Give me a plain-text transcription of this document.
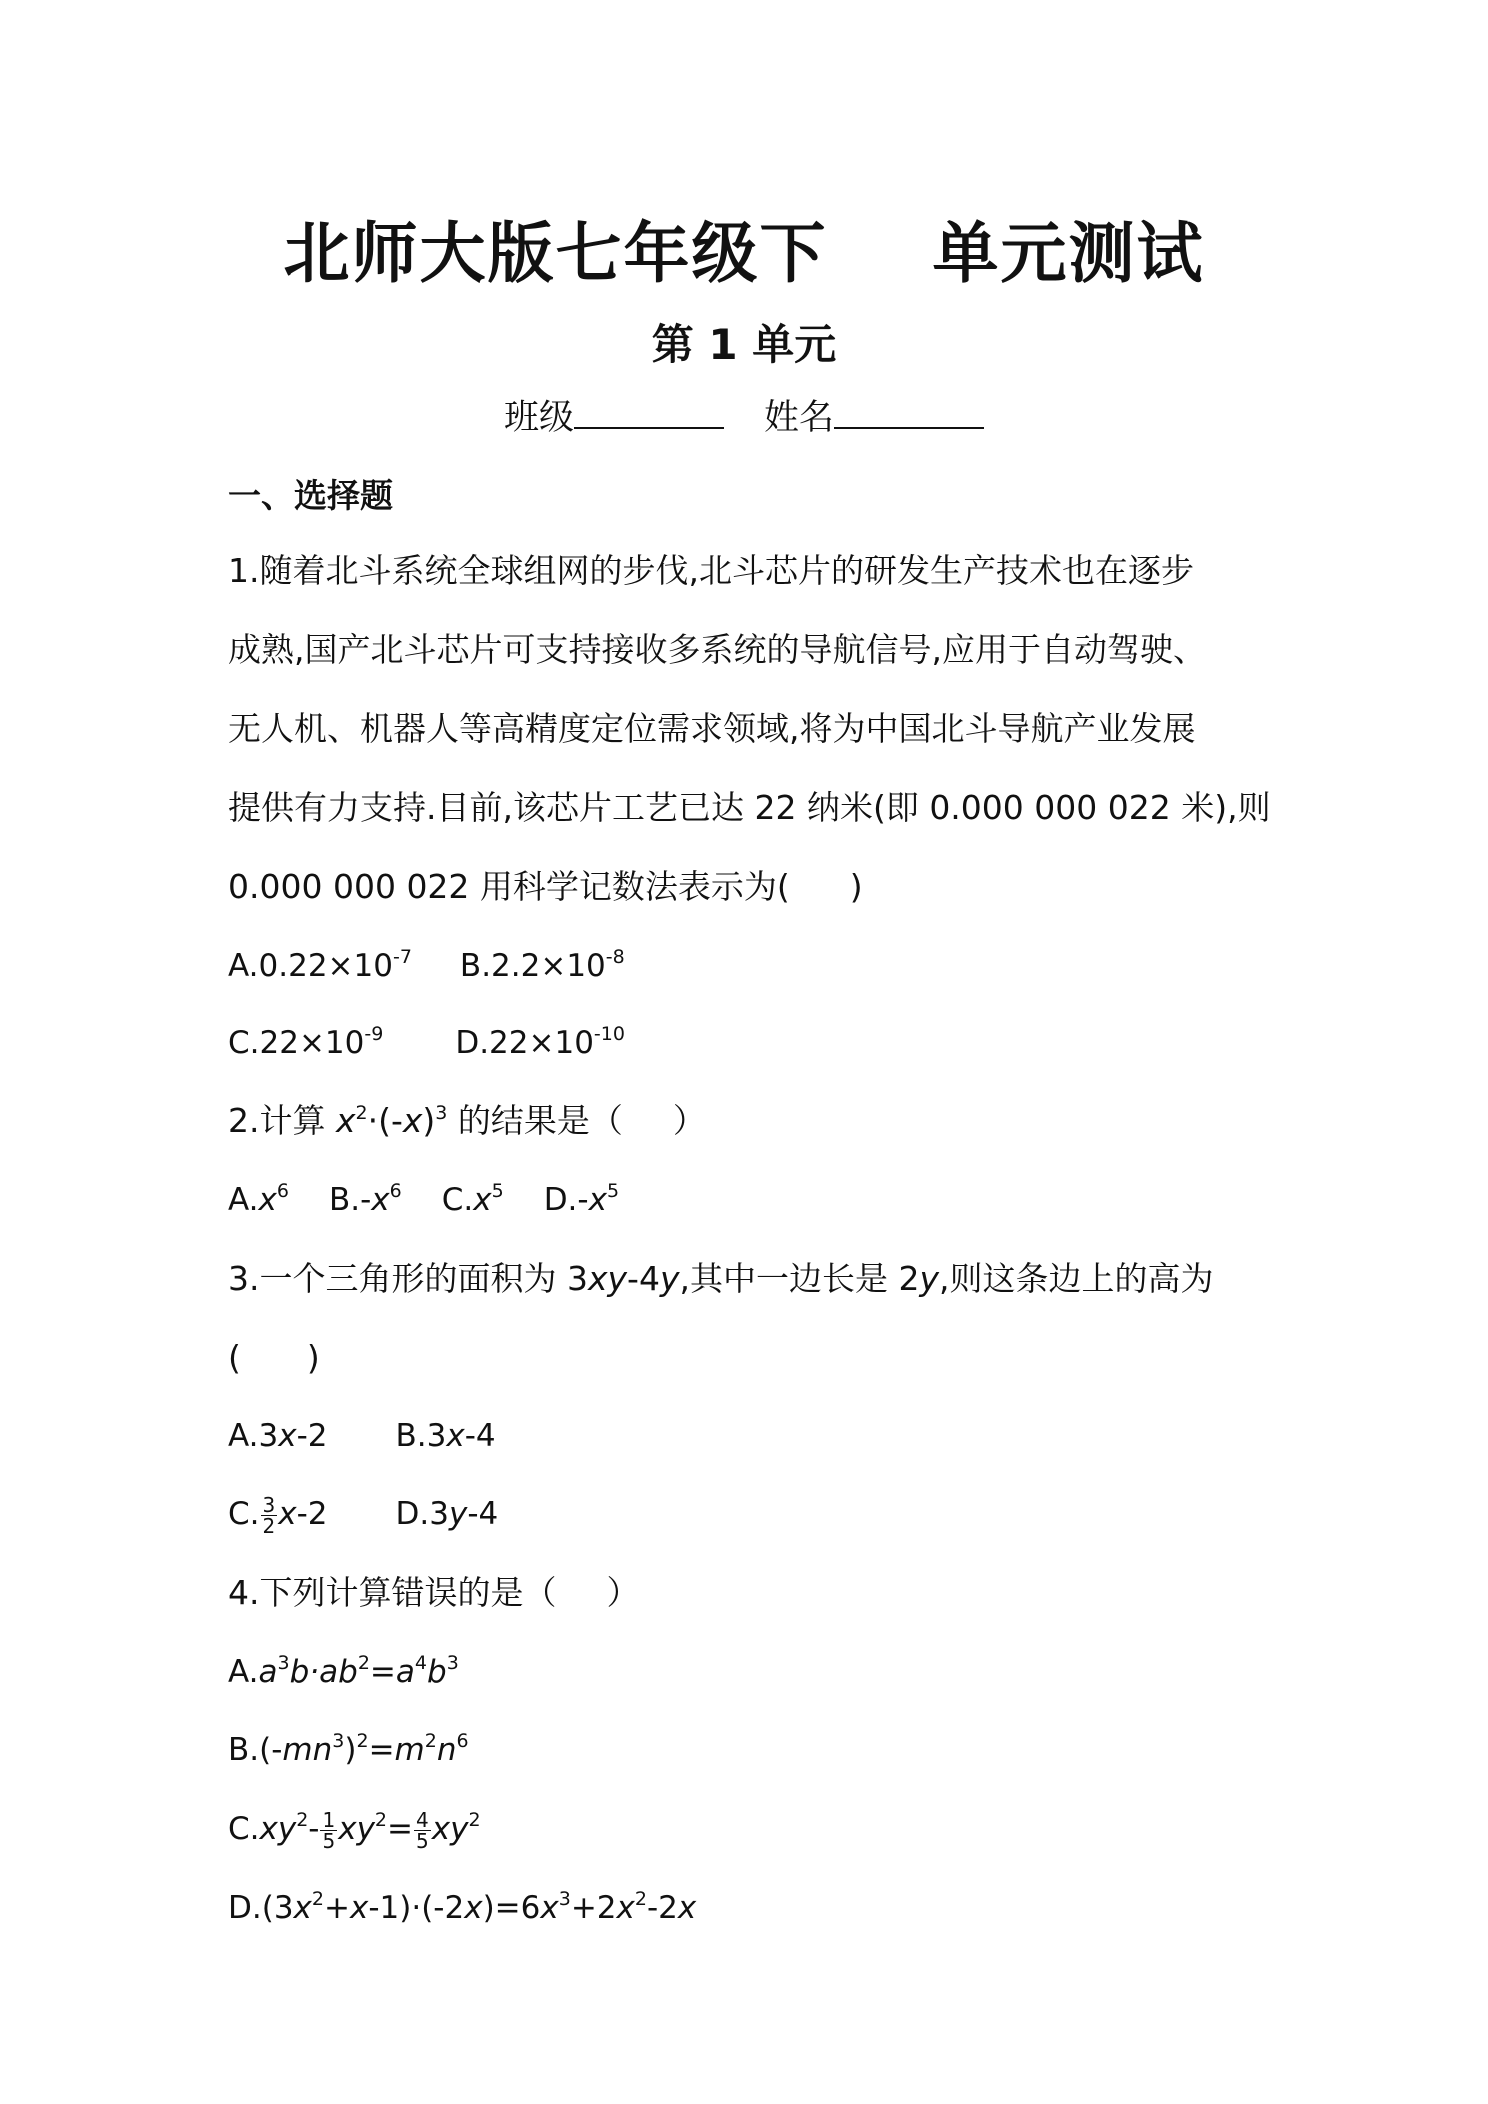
北师大版七年级下 单元测试
第 1 单元
班级	姓名
一、选择题
1.随着北斗系统全球组网的步伐,北斗芯片的研发生产技术也在逐步
成熟,国产北斗芯片可支持接收多系统的导航信号,应用于自动驾驶、
无人机、机器人等高精度定位需求领域,将为中国北斗导航产业发展
提供有力支持.目前,该芯片工艺已达 22 纳米(即 0.000 000 022 米),则
0.000 000 022 用科学记数法表示为( )
$A.0.22\times 10^{-7}$ $B.2.2\times 10^{-8}$
$C.22\times 10^{-9}$ $D.22\times 10^{-10}$
2.计算 $x^2\cdot(-x)^3$ 的结果是（ ）
$A.x^6$ $B.-x^6$ $C.x^5$ $D.-x^5$
3.一个三角形的面积为 3xy-4y,其中一边长是 2y,则这条边上的高为
( )
A.3x-2 B.3x-4
C. $\frac{3}{2} x-2$ D.3y-4
4.下列计算错误的是（ ）
$A.a^3b\cdot ab^2=a^4b^3$
$B.(-mn^3)^2=m^2n^6$
$C.xy^2- \frac{1}{5} xy^2= \frac{4}{5} xy^2$
$D.(3x^2+x-1)\cdot(-2x)=6x^3+2x^2-2x$
